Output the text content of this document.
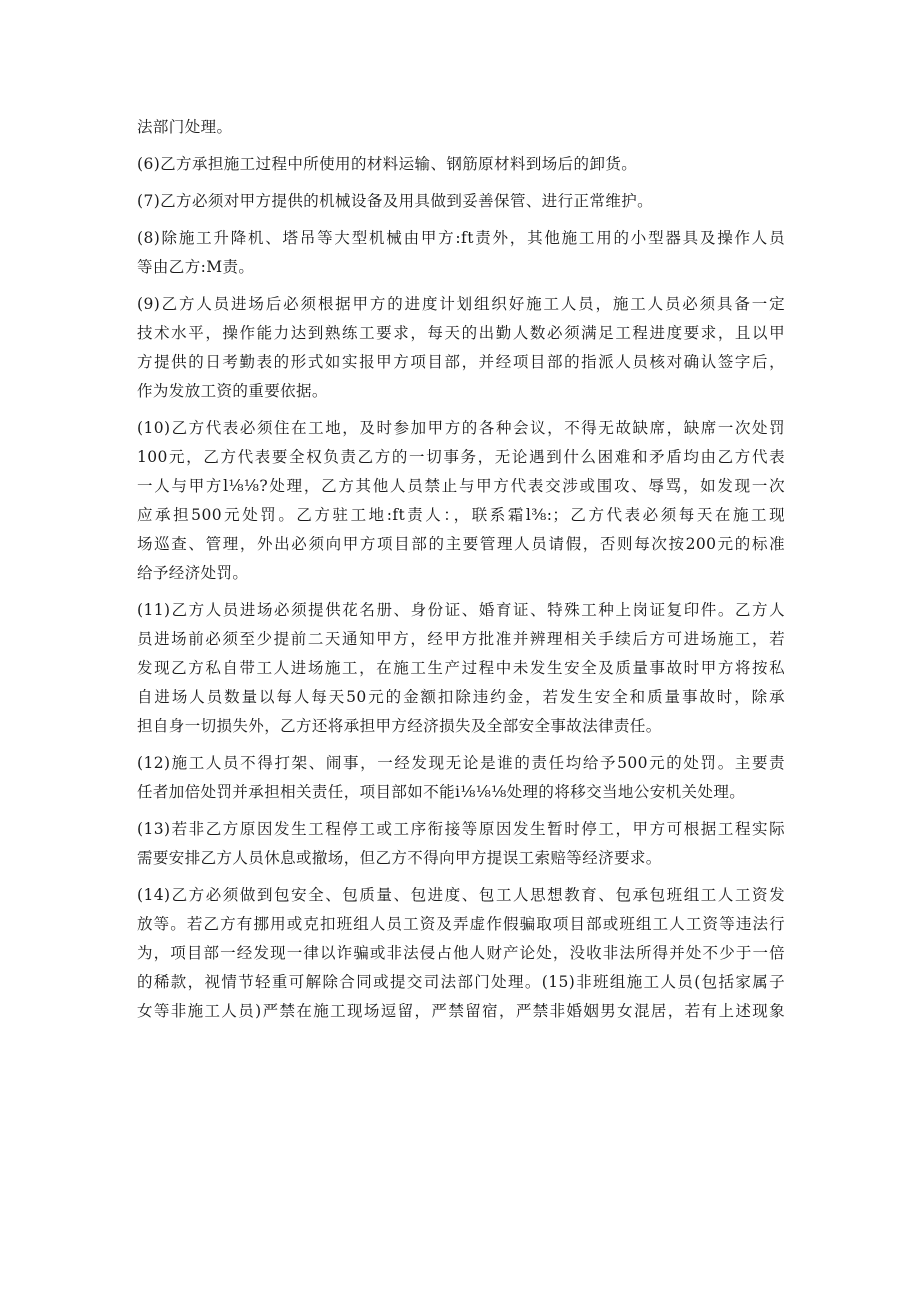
法部门处理。
(6)乙方承担施工过程中所使用的材料运输、钢筋原材料到场后的卸货。
(7)乙方必须对甲方提供的机械设备及用具做到妥善保管、进行正常维护。
(8)除施工升降机、塔吊等大型机械由甲方:ft责外，其他施工用的小型器具及操作人员
等由乙方:M责。
(9)乙方人员进场后必须根据甲方的进度计划组织好施工人员，施工人员必须具备一定
技术水平，操作能力达到熟练工要求，每天的出勤人数必须满足工程进度要求，且以甲
方提供的日考勤表的形式如实报甲方项目部，并经项目部的指派人员核对确认签字后，
作为发放工资的重要依据。
(10)乙方代表必须住在工地，及时参加甲方的各种会议，不得无故缺席，缺席一次处罚
100元，乙方代表要全权负责乙方的一切事务，无论遇到什么困难和矛盾均由乙方代表
一人与甲方l⅛⅛?处理，乙方其他人员禁止与甲方代表交涉或围攻、辱骂，如发现一次
应承担500元处罚。乙方驻工地:ft责人：，联系霜l⅜:；乙方代表必须每天在施工现
场巡查、管理，外出必须向甲方项目部的主要管理人员请假，否则每次按200元的标准
给予经济处罚。
(11)乙方人员进场必须提供花名册、身份证、婚育证、特殊工种上岗证复印件。乙方人
员进场前必须至少提前二天通知甲方，经甲方批准并辨理相关手续后方可进场施工，若
发现乙方私自带工人进场施工，在施工生产过程中未发生安全及质量事故时甲方将按私
自进场人员数量以每人每天50元的金额扣除违约金，若发生安全和质量事故时，除承
担自身一切损失外，乙方还将承担甲方经济损失及全部安全事故法律责任。
(12)施工人员不得打架、闹事，一经发现无论是谁的责任均给予500元的处罚。主要责
任者加倍处罚并承担相关责任，项目部如不能i⅛⅛⅛处理的将移交当地公安机关处理。
(13)若非乙方原因发生工程停工或工序衔接等原因发生暂时停工，甲方可根据工程实际
需要安排乙方人员休息或撤场，但乙方不得向甲方提误工索赔等经济要求。
(14)乙方必须做到包安全、包质量、包进度、包工人思想教育、包承包班组工人工资发
放等。若乙方有挪用或克扣班组人员工资及弄虚作假骗取项目部或班组工人工资等违法行
为，项目部一经发现一律以诈骗或非法侵占他人财产论处，没收非法所得并处不少于一倍
的稀款，视情节轻重可解除合同或提交司法部门处理。(15)非班组施工人员(包括家属子
女等非施工人员)严禁在施工现场逗留，严禁留宿，严禁非婚姻男女混居，若有上述现象
